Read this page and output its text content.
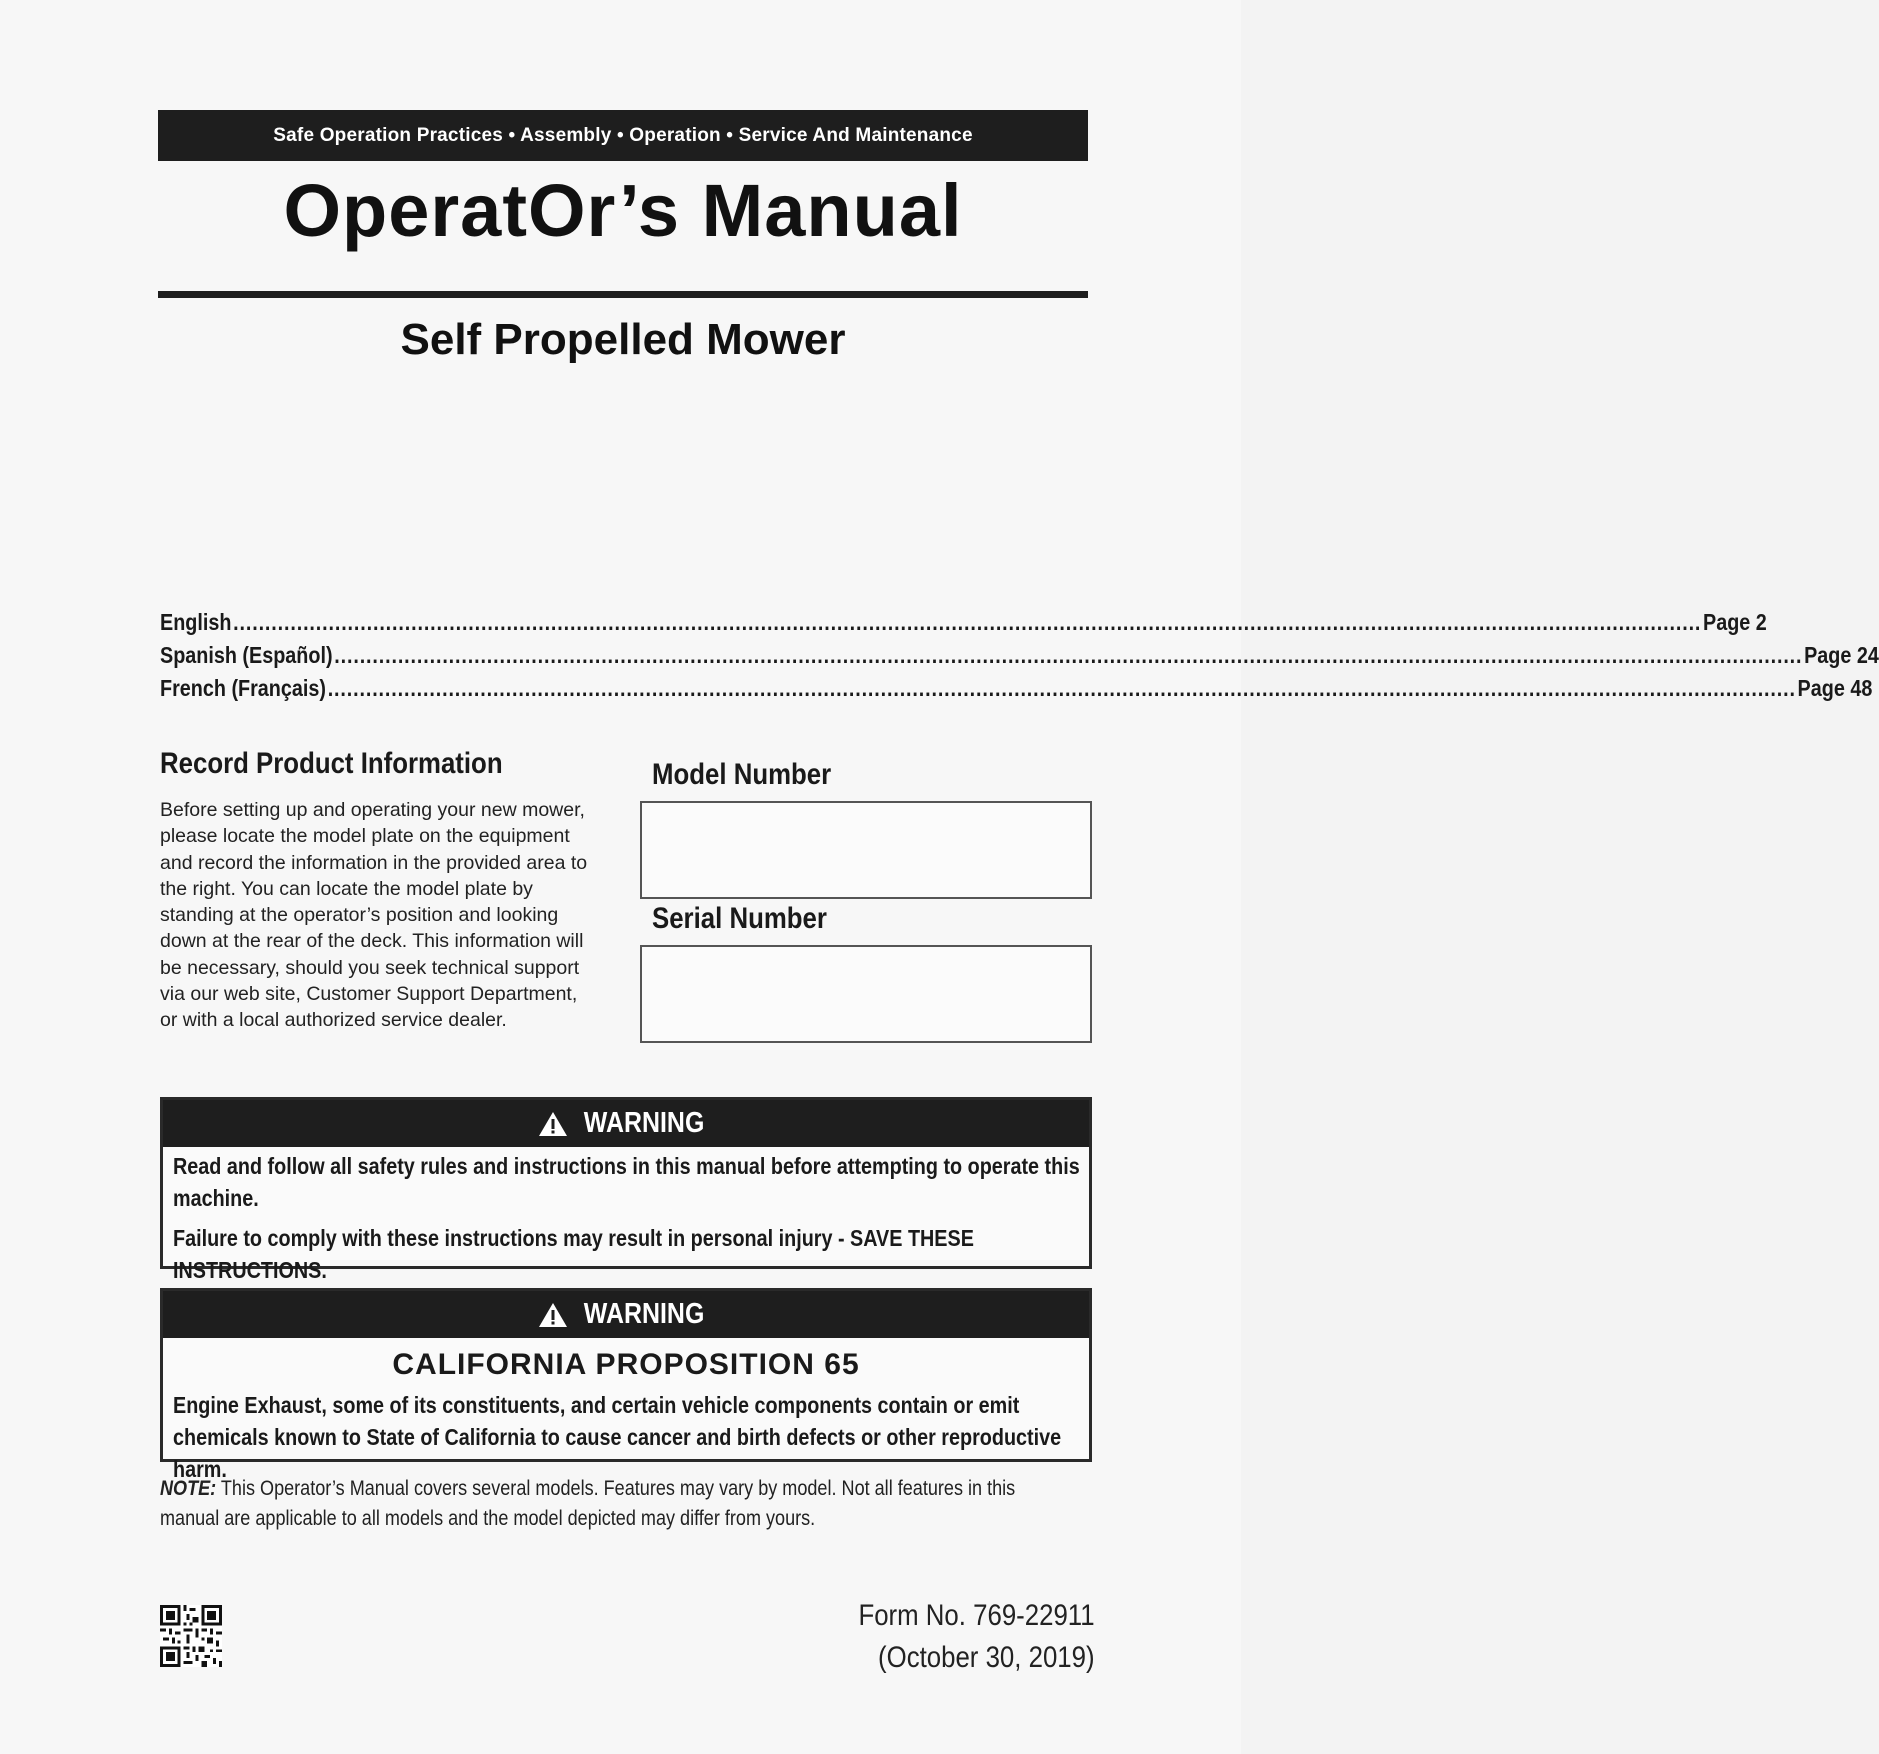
Safe Operation Practices • Assembly • Operation • Service And Maintenance
OperatOr’s Manual
Self Propelled Mower
English ....................................................................................................................................................................................................................................... Page 2
Spanish (Español) ....................................................................................................................................................................................................................................... Page 24
French (Français) ....................................................................................................................................................................................................................................... Page 48
Record Product Information
Before setting up and operating your new mower, please locate the model plate on the equipment and record the information in the provided area to the right. You can locate the model plate by standing at the operator’s position and looking down at the rear of the deck. This information will be necessary, should you seek technical support via our web site, Customer Support Department, or with a local authorized service dealer.
Model Number
Serial Number
WARNING

Read and follow all safety rules and instructions in this manual before attempting to operate this machine.

Failure to comply with these instructions may result in personal injury - SAVE THESE INSTRUCTIONS.

WARNING
CALIFORNIA PROPOSITION 65

Engine Exhaust, some of its constituents, and certain vehicle components contain or emit chemicals known to State of California to cause cancer and birth defects or other reproductive harm.

NOTE: This Operator’s Manual covers several models. Features may vary by model. Not all features in this manual are applicable to all models and the model depicted may differ from yours.
Form No. 769-22911
(October 30, 2019)
